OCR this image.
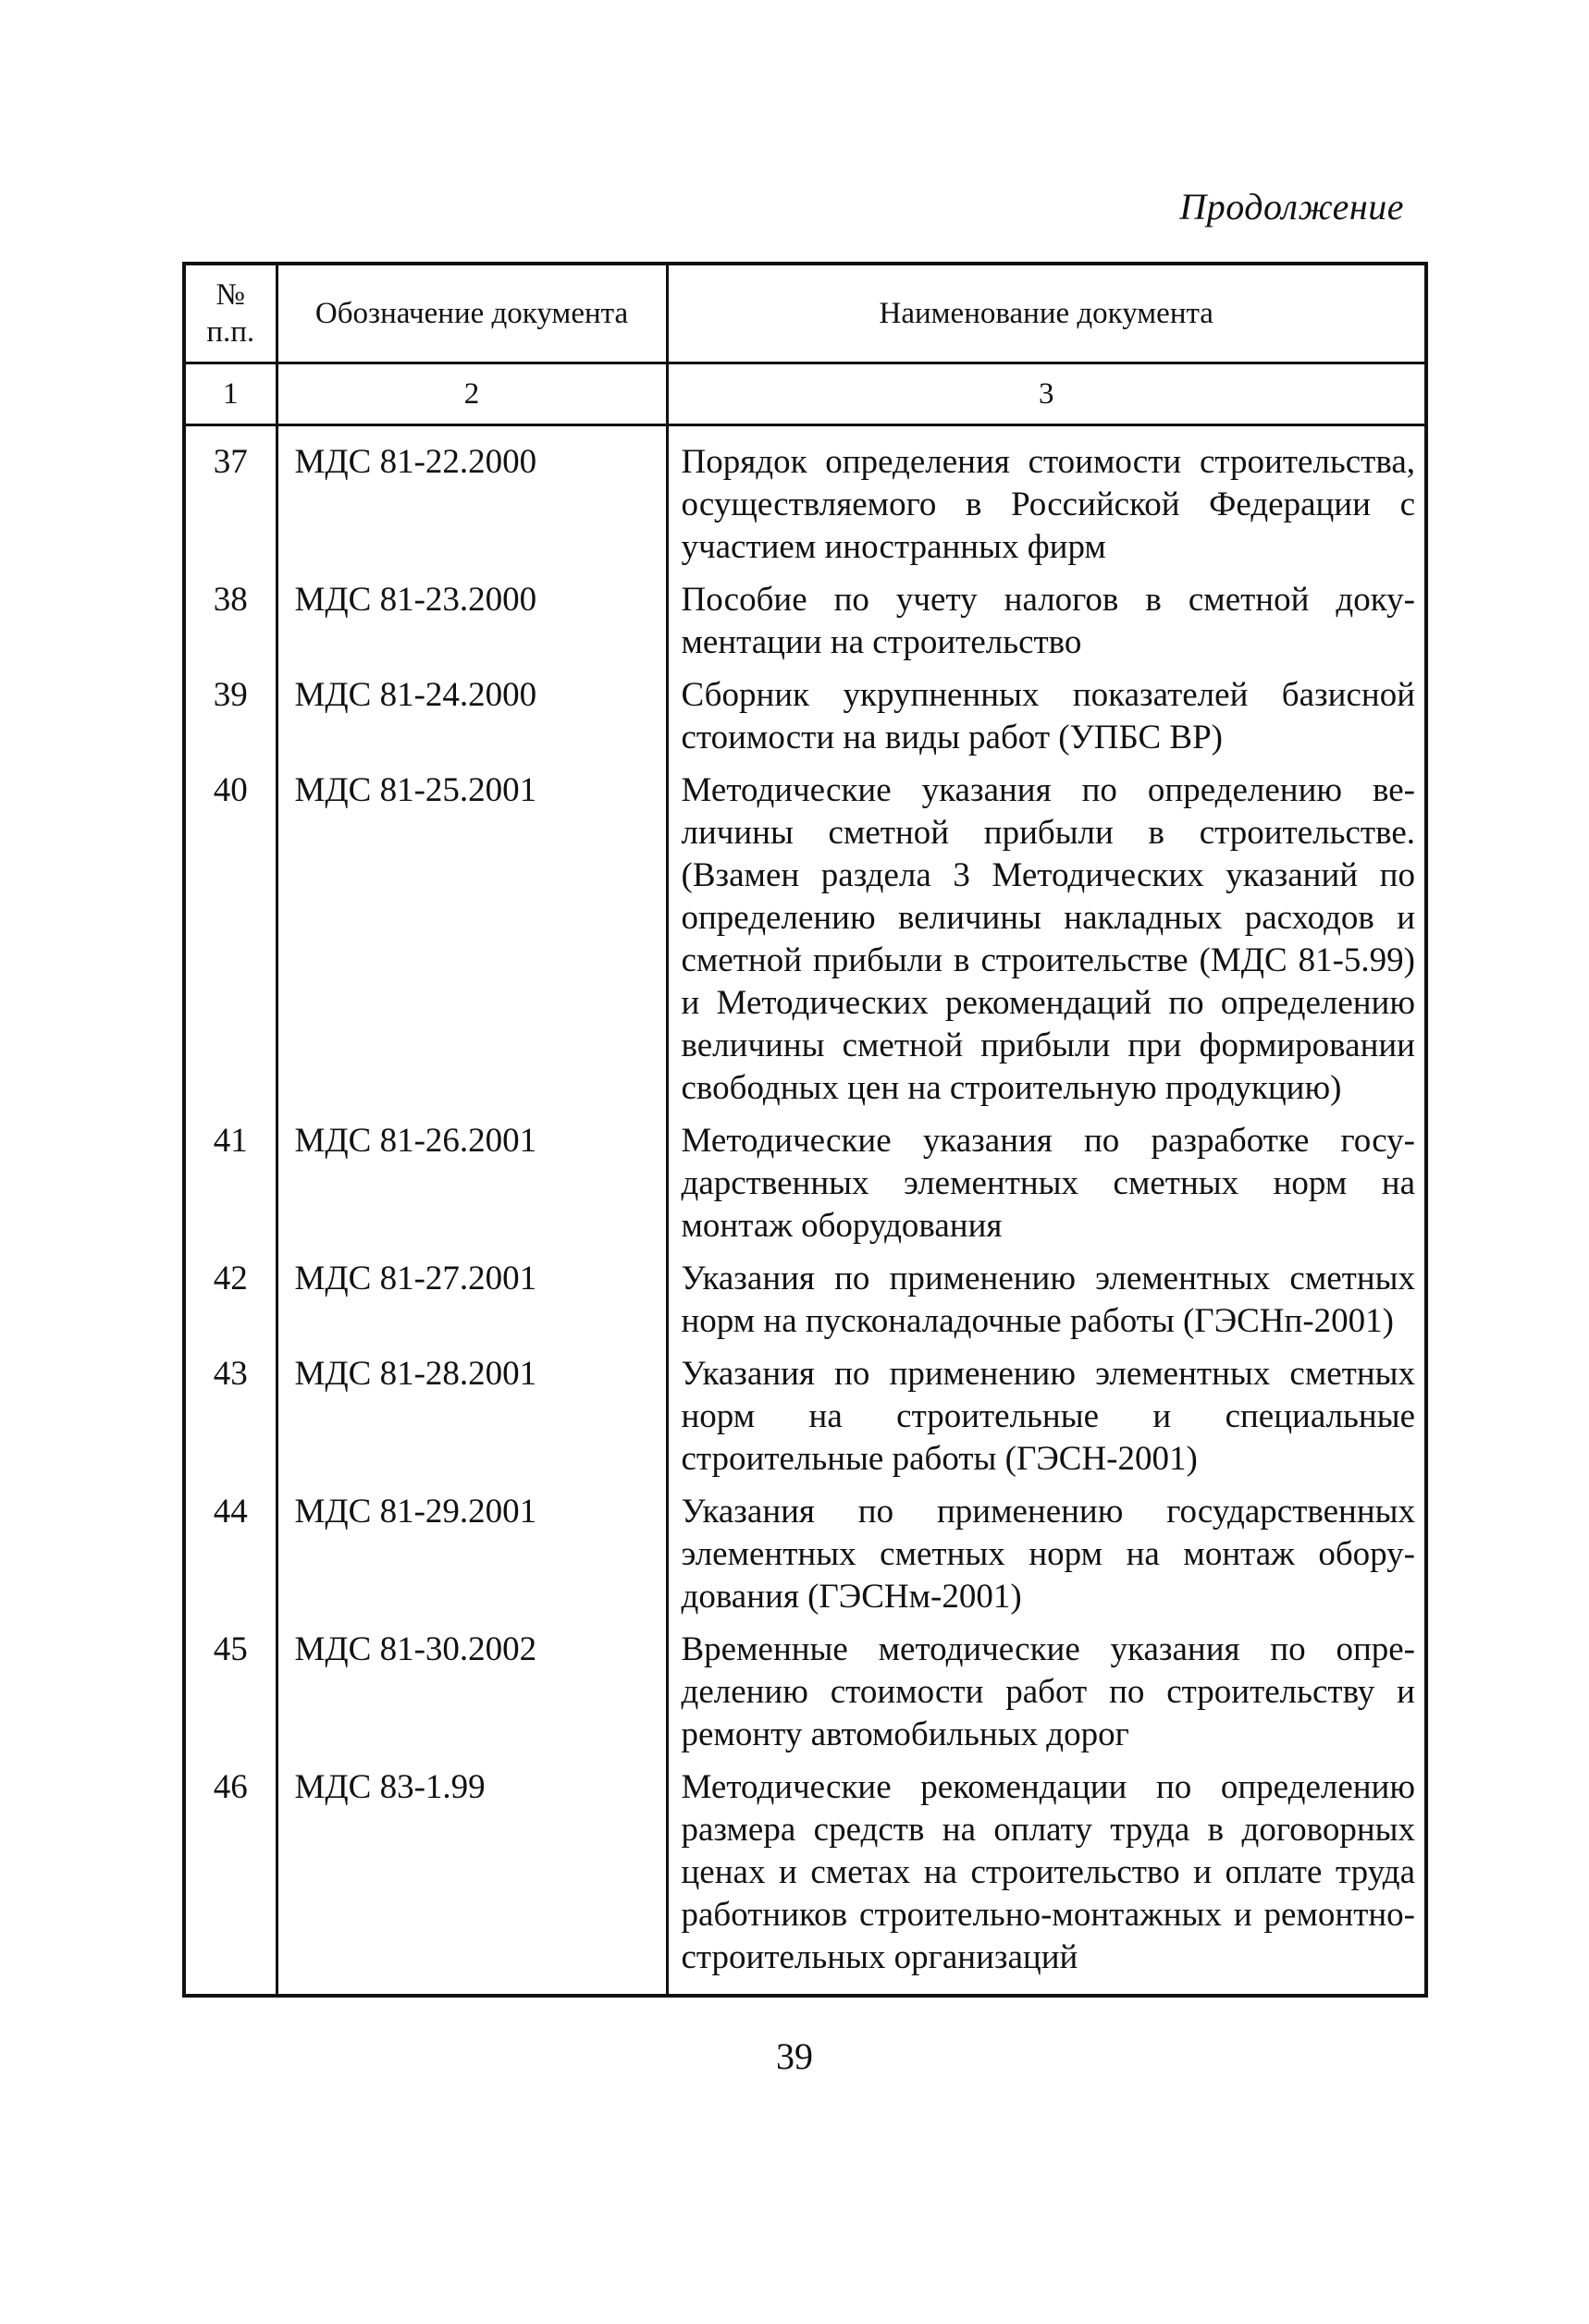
Продолжение
№ п.п.	Обозначение документа	Наименование документа
1	2	3
37	МДС 81-22.2000	Порядок определения стоимости строительства, осуществляемого в Российской Федерации с участием иностранных фирм
38	МДС 81-23.2000	Пособие по учету налогов в сметной документации на строительство
39	МДС 81-24.2000	Сборник укрупненных показателей базисной стоимости на виды работ (УПБС ВР)
40	МДС 81-25.2001	Методические указания по определению величины сметной прибыли в строительстве. (Взамен раздела 3 Методических указаний по определению величины накладных расходов и сметной прибыли в строительстве (МДС 81-5.99) и Методических рекомендаций по определению величины сметной прибыли при формировании свободных цен на строительную продукцию)
41	МДС 81-26.2001	Методические указания по разработке государственных элементных сметных норм на монтаж оборудования
42	МДС 81-27.2001	Указания по применению элементных сметных норм на пусконаладочные работы (ГЭСНп-2001)
43	МДС 81-28.2001	Указания по применению элементных сметных норм на строительные и специальные строительные работы (ГЭСН-2001)
44	МДС 81-29.2001	Указания по применению государственных элементных сметных норм на монтаж оборудования (ГЭСНм-2001)
45	МДС 81-30.2002	Временные методические указания по определению стоимости работ по строительству и ремонту автомобильных дорог
46	МДС 83-1.99	Методические рекомендации по определению размера средств на оплату труда в договорных ценах и сметах на строительство и оплате труда работников строительно-монтажных и ремонтно-строительных организаций
39
